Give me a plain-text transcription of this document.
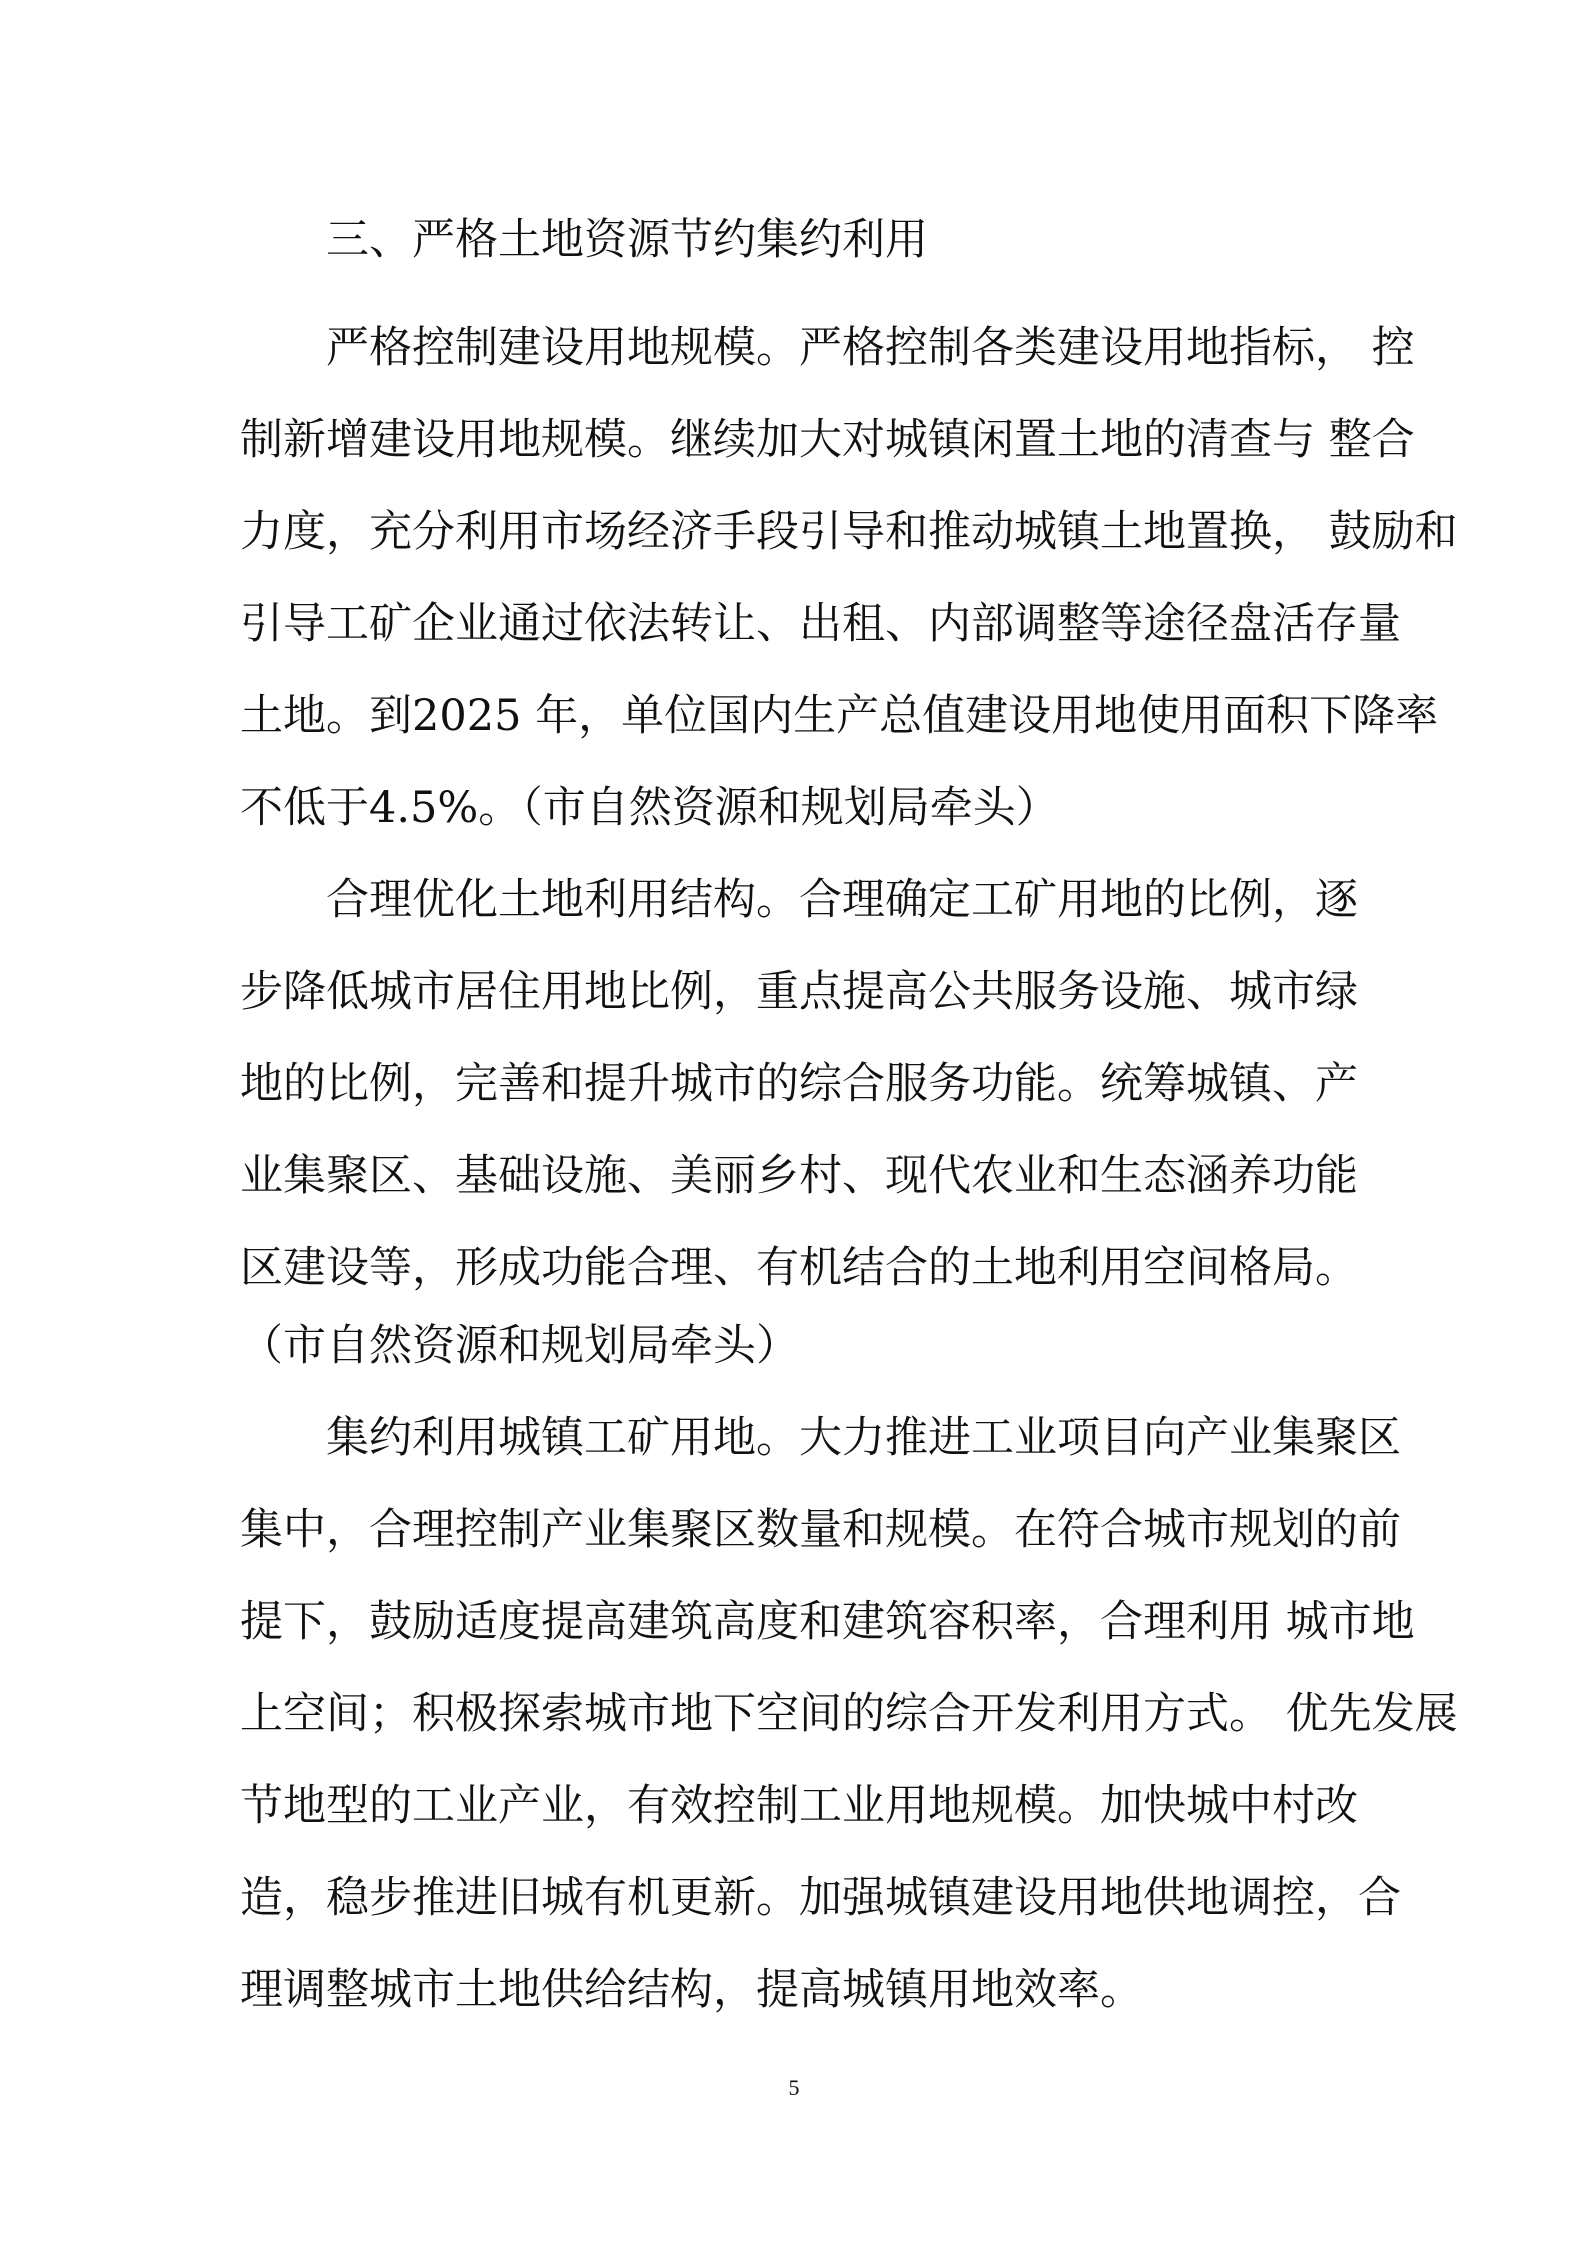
三、严格土地资源节约集约利用
严格控制建设用地规模。严格控制各类建设用地指标， 控
制新增建设用地规模。继续加大对城镇闲置土地的清查与 整合
力度，充分利用市场经济手段引导和推动城镇土地置换， 鼓励和
引导工矿企业通过依法转让、出租、内部调整等途径盘活存量
土地。到2025 年，单位国内生产总值建设用地使用面积下降率
不低于4.5%。（市自然资源和规划局牵头）
合理优化土地利用结构。合理确定工矿用地的比例，逐
步降低城市居住用地比例，重点提高公共服务设施、城市绿
地的比例，完善和提升城市的综合服务功能。统筹城镇、产
业集聚区、基础设施、美丽乡村、现代农业和生态涵养功能
区建设等，形成功能合理、有机结合的土地利用空间格局。
（市自然资源和规划局牵头）
集约利用城镇工矿用地。大力推进工业项目向产业集聚区
集中，合理控制产业集聚区数量和规模。在符合城市规划的前
提下，鼓励适度提高建筑高度和建筑容积率，合理利用 城市地
上空间；积极探索城市地下空间的综合开发利用方式。 优先发展
节地型的工业产业，有效控制工业用地规模。加快城中村改
造，稳步推进旧城有机更新。加强城镇建设用地供地调控，合
理调整城市土地供给结构，提高城镇用地效率。
5
